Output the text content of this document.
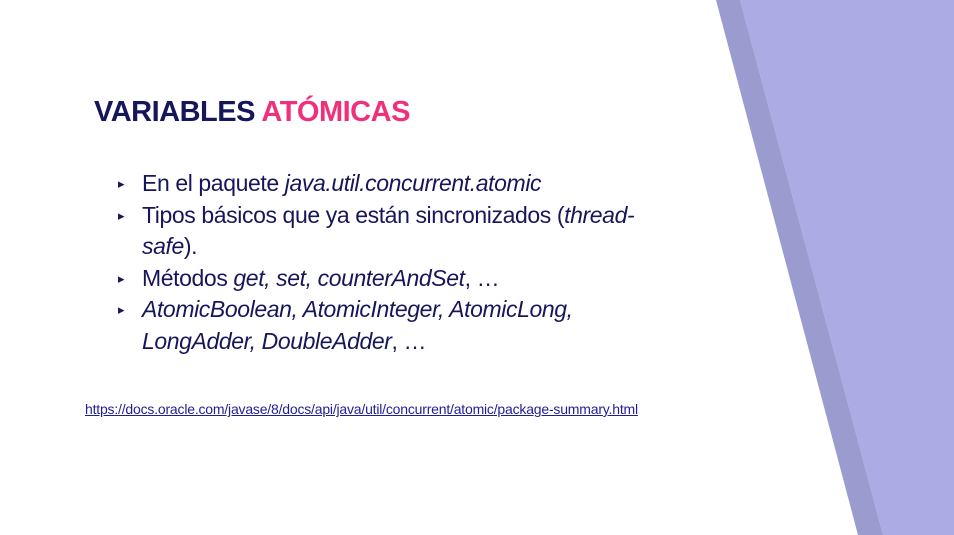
VARIABLES ATÓMICAS
▸ En el paquete java.util.concurrent.atomic
▸ Tipos básicos que ya están sincronizados (thread-safe).
▸ Métodos get, set, counterAndSet, …
▸ AtomicBoolean, AtomicInteger, AtomicLong, LongAdder, DoubleAdder, …
https://docs.oracle.com/javase/8/docs/api/java/util/concurrent/atomic/package-summary.html
